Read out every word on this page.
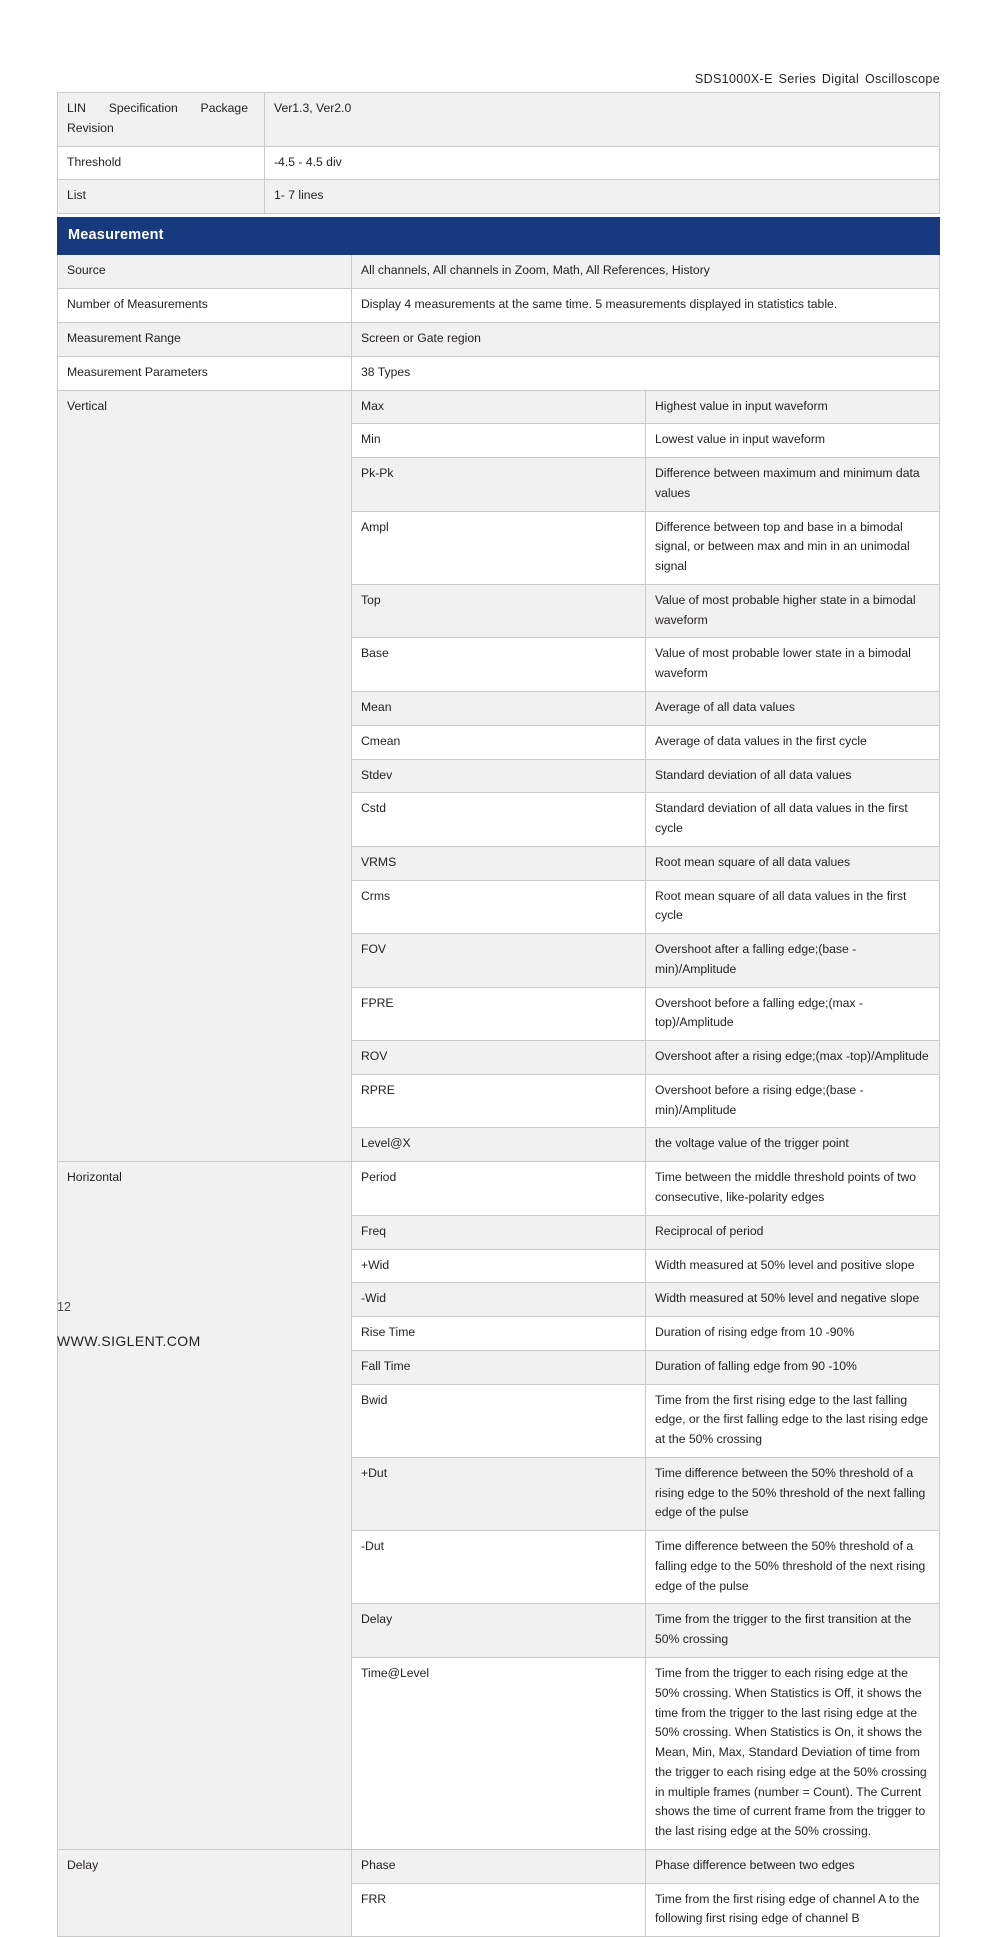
SDS1000X-E Series Digital Oscilloscope
LIN Specification Package Revision	Ver1.3, Ver2.0
Threshold	-4.5 - 4.5 div
List	1- 7 lines
Measurement		
Source	All channels, All channels in Zoom, Math, All References, History	
Number of Measurements	Display 4 measurements at the same time. 5 measurements displayed in statistics table.	
Measurement Range	Screen or Gate region	
Measurement Parameters	38 Types	
Vertical	Max	Highest value in input waveform
	Min	Lowest value in input waveform
	Pk-Pk	Difference between maximum and minimum data values
	Ampl	Difference between top and base in a bimodal signal, or between max and min in an unimodal signal
	Top	Value of most probable higher state in a bimodal waveform
	Base	Value of most probable lower state in a bimodal waveform
	Mean	Average of all data values
	Cmean	Average of data values in the first cycle
	Stdev	Standard deviation of all data values
	Cstd	Standard deviation of all data values in the first cycle
	VRMS	Root mean square of all data values
	Crms	Root mean square of all data values in the first cycle
	FOV	Overshoot after a falling edge;(base -min)/Amplitude
	FPRE	Overshoot before a falling edge;(max -top)/Amplitude
	ROV	Overshoot after a rising edge;(max -top)/Amplitude
	RPRE	Overshoot before a rising edge;(base -min)/Amplitude
	Level@X	the voltage value of the trigger point
Horizontal	Period	Time between the middle threshold points of two consecutive, like-polarity edges
	Freq	Reciprocal of period
	+Wid	Width measured at 50% level and positive slope
	-Wid	Width measured at 50% level and negative slope
	Rise Time	Duration of rising edge from 10 -90%
	Fall Time	Duration of falling edge from 90 -10%
	Bwid	Time from the first rising edge to the last falling edge, or the first falling edge to the last rising edge at the 50% crossing
	+Dut	Time difference between the 50% threshold of a rising edge to the 50% threshold of the next falling edge of the pulse
	-Dut	Time difference between the 50% threshold of a falling edge to the 50% threshold of the next rising edge of the pulse
	Delay	Time from the trigger to the first transition at the 50% crossing
	Time@Level	Time from the trigger to each rising edge at the 50% crossing. When Statistics is Off, it shows the time from the trigger to the last rising edge at the 50% crossing. When Statistics is On, it shows the Mean, Min, Max, Standard Deviation of time from the trigger to each rising edge at the 50% crossing in multiple frames (number = Count). The Current shows the time of current frame from the trigger to the last rising edge at the 50% crossing.
Delay	Phase	Phase difference between two edges
	FRR	Time from the first rising edge of channel A to the following first rising edge of channel B
12
WWW.SIGLENT.COM
